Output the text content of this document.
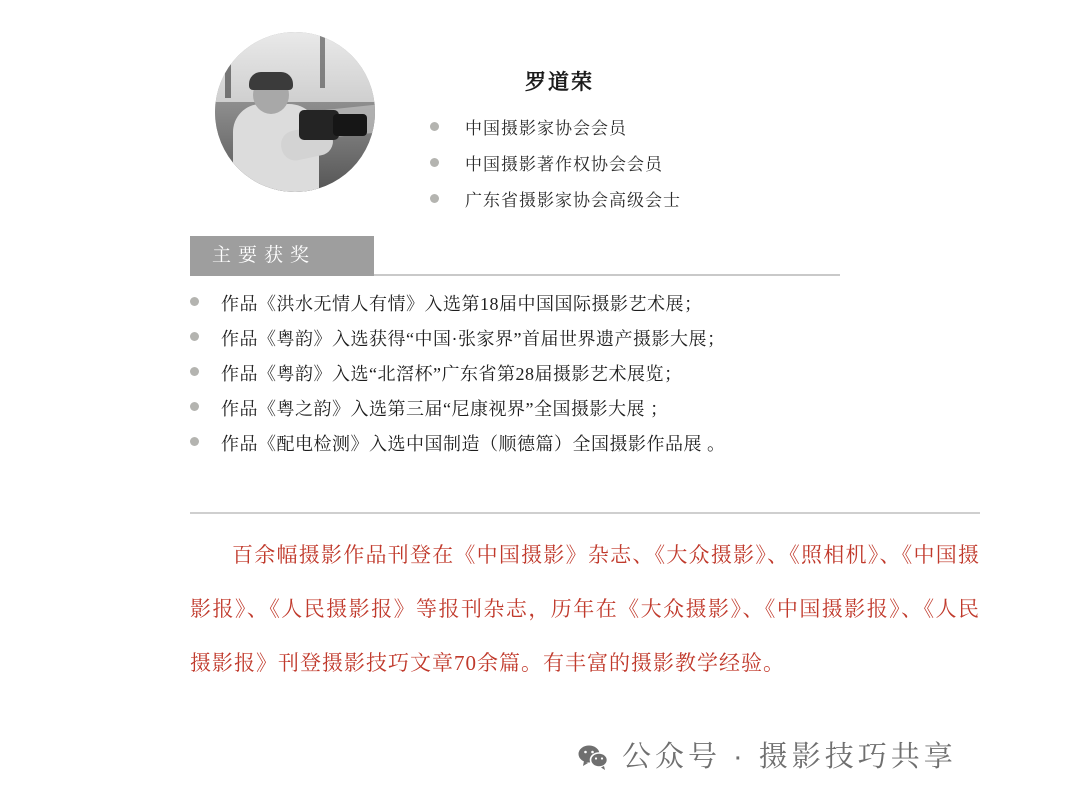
罗道荣
中国摄影家协会会员
中国摄影著作权协会会员
广东省摄影家协会高级会士
主要获奖
作品《洪水无情人有情》入选第18届中国国际摄影艺术展；
作品《粤韵》入选获得“中国·张家界”首届世界遗产摄影大展；
作品《粤韵》入选“北滘杯”广东省第28届摄影艺术展览；
作品《粤之韵》入选第三届“尼康视界”全国摄影大展 ；
作品《配电检测》入选中国制造（顺德篇）全国摄影作品展 。
百余幅摄影作品刊登在《中国摄影》杂志、《大众摄影》、《照相机》、《中国摄影报》、《人民摄影报》等报刊杂志，历年在《大众摄影》、《中国摄影报》、《人民摄影报》刊登摄影技巧文章70余篇。有丰富的摄影教学经验。
公众号 · 摄影技巧共享
